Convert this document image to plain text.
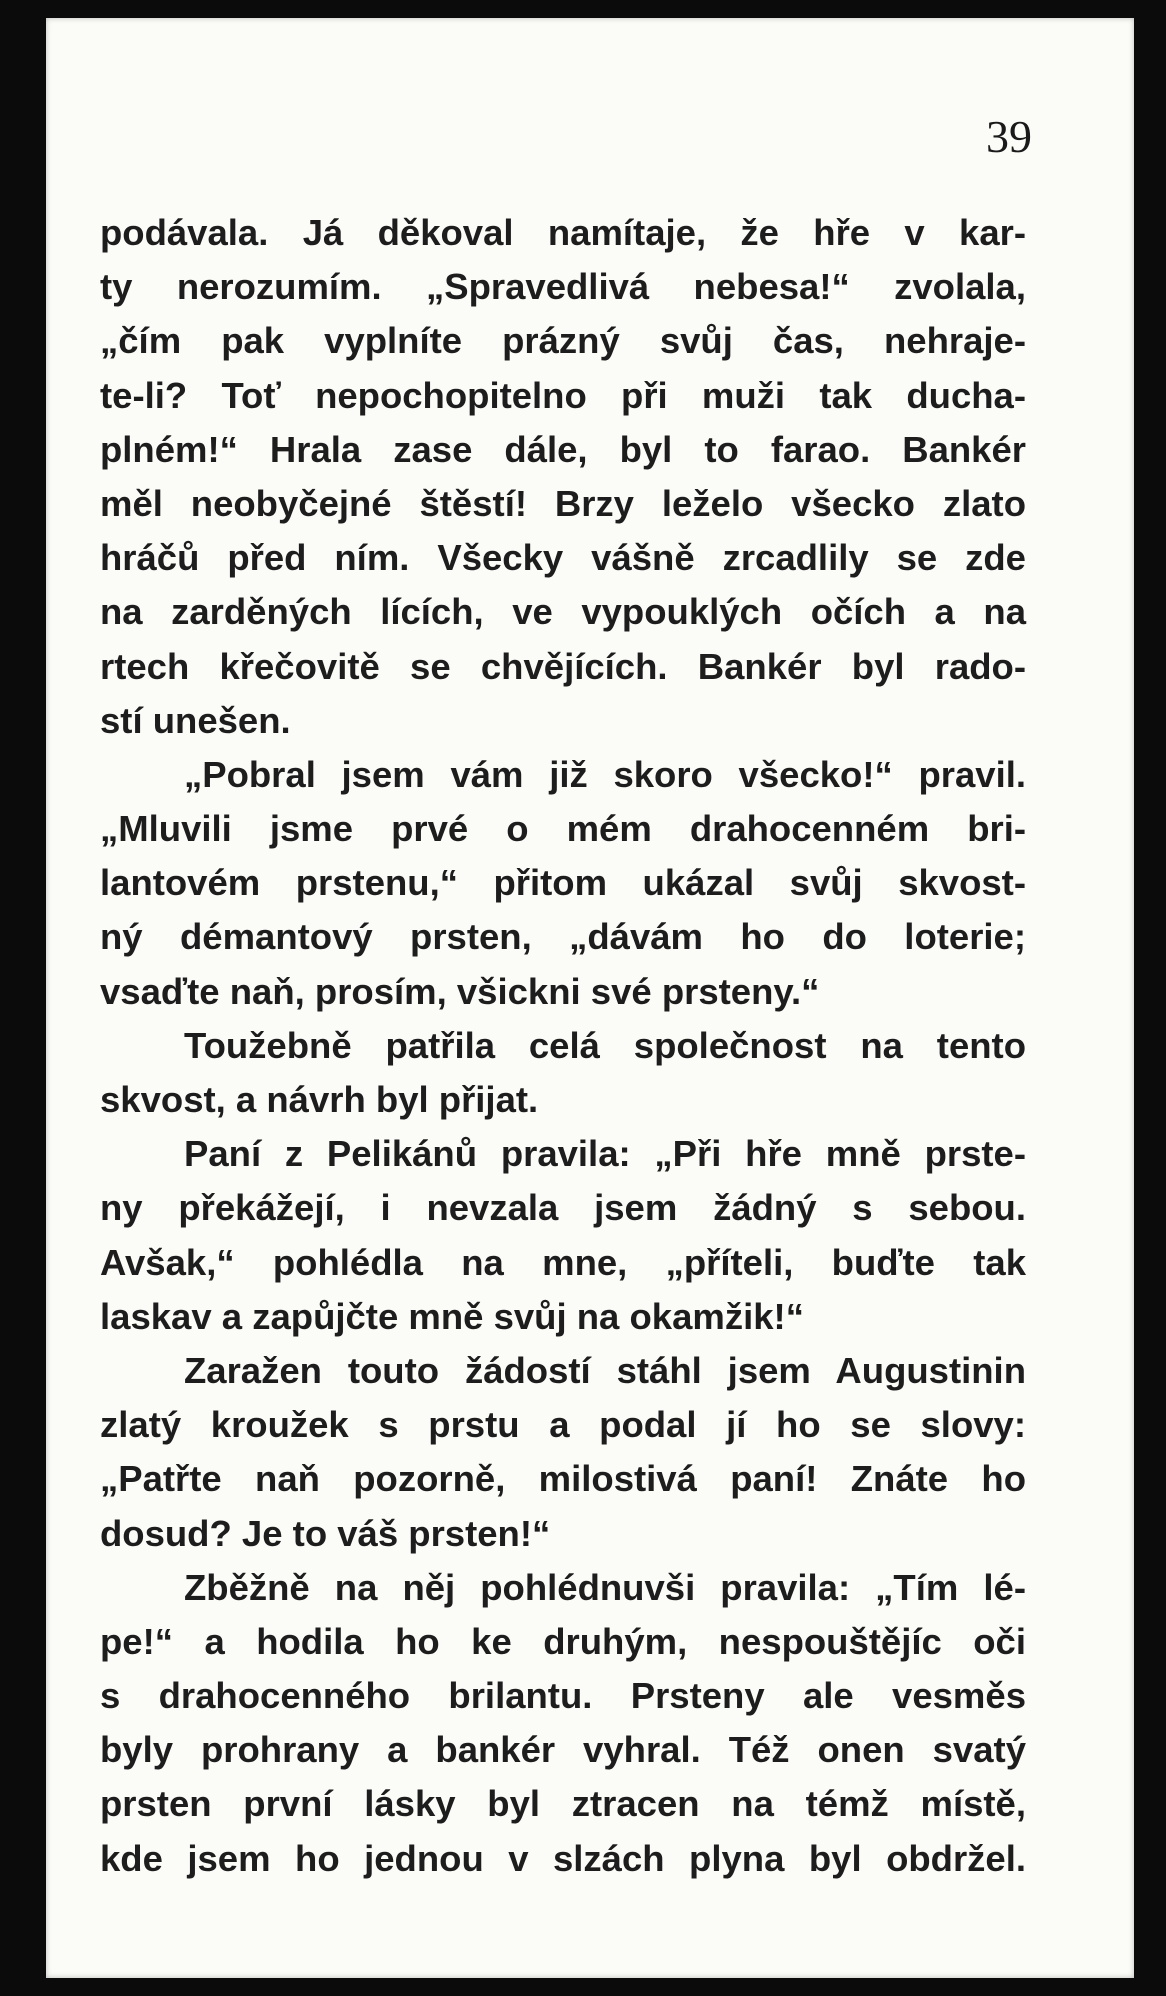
39
podávala. Já děkoval namítaje, že hře v kar-
ty nerozumím. „Spravedlivá nebesa!“ zvolala,
„čím pak vyplníte prázný svůj čas, nehraje-
te-li? Toť nepochopitelno při muži tak ducha-
plném!“ Hrala zase dále, byl to farao. Bankér
měl neobyčejné štěstí! Brzy leželo všecko zlato
hráčů před ním. Všecky vášně zrcadlily se zde
na zarděných lících, ve vypouklých očích a na
rtech křečovitě se chvějících. Bankér byl rado-
stí unešen.
„Pobral jsem vám již skoro všecko!“ pravil.
„Mluvili jsme prvé o mém drahocenném bri-
lantovém prstenu,“ přitom ukázal svůj skvost-
ný démantový prsten, „dávám ho do loterie;
vsaďte naň, prosím, všickni své prsteny.“
Toužebně patřila celá společnost na tento
skvost, a návrh byl přijat.
Paní z Pelikánů pravila: „Při hře mně prste-
ny překážejí, i nevzala jsem žádný s sebou.
Avšak,“ pohlédla na mne, „příteli, buďte tak
laskav a zapůjčte mně svůj na okamžik!“
Zaražen touto žádostí stáhl jsem Augustinin
zlatý kroužek s prstu a podal jí ho se slovy:
„Patřte naň pozorně, milostivá paní! Znáte ho
dosud? Je to váš prsten!“
Zběžně na něj pohlédnuvši pravila: „Tím lé-
pe!“ a hodila ho ke druhým, nespouštějíc oči
s drahocenného brilantu. Prsteny ale vesměs
byly prohrany a bankér vyhral. Též onen svatý
prsten první lásky byl ztracen na témž místě,
kde jsem ho jednou v slzách plyna byl obdržel.
